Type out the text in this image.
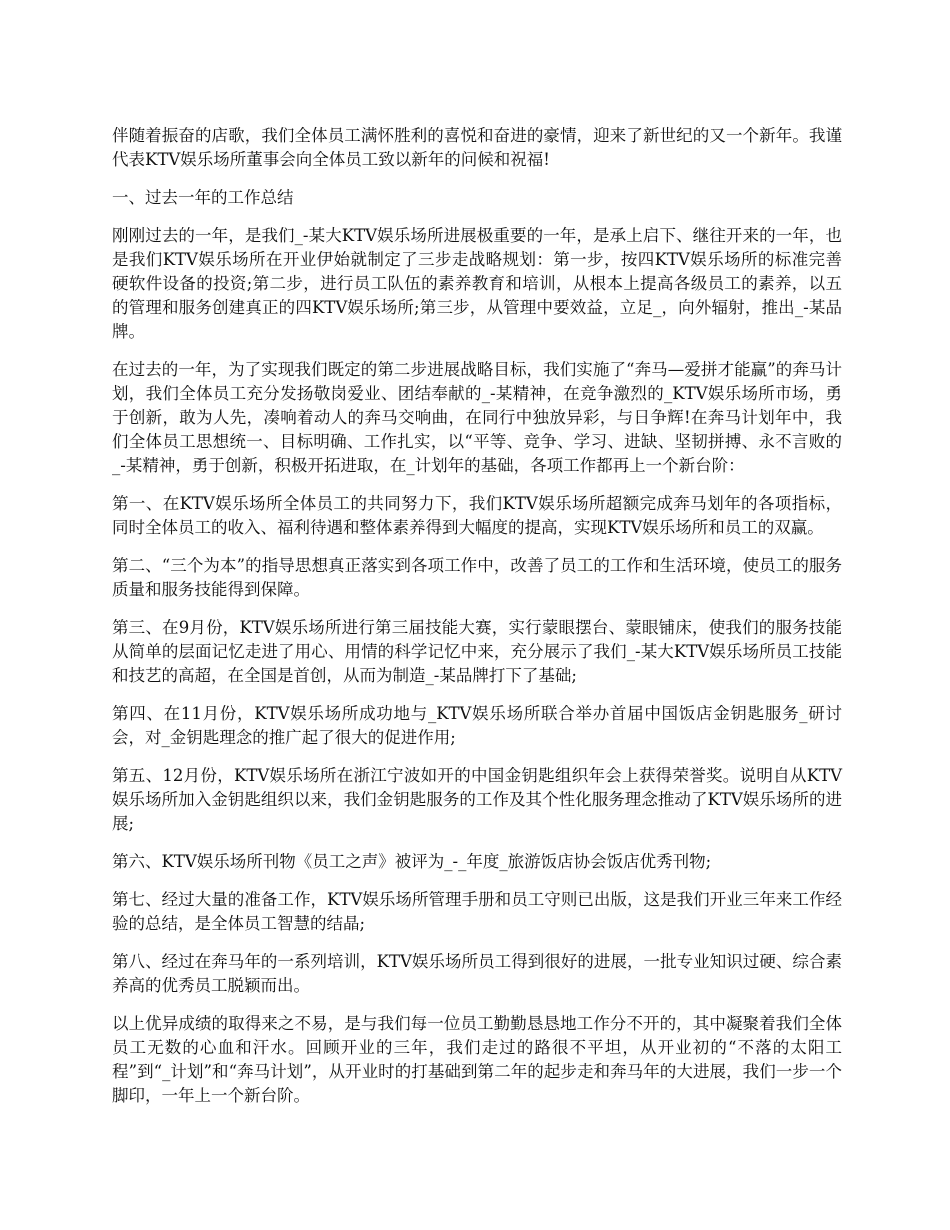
伴随着振奋的店歌，我们全体员工满怀胜利的喜悦和奋进的豪情，迎来了新世纪的又一个新年。我谨代表KTV娱乐场所董事会向全体员工致以新年的问候和祝福!

一、过去一年的工作总结

刚刚过去的一年，是我们_-某大KTV娱乐场所进展极重要的一年，是承上启下、继往开来的一年，也是我们KTV娱乐场所在开业伊始就制定了三步走战略规划：第一步，按四KTV娱乐场所的标准完善硬软件设备的投资;第二步，进行员工队伍的素养教育和培训，从根本上提高各级员工的素养，以五的管理和服务创建真正的四KTV娱乐场所;第三步，从管理中要效益，立足_，向外辐射，推出_-某品牌。

在过去的一年，为了实现我们既定的第二步进展战略目标，我们实施了“奔马—爱拼才能赢”的奔马计划，我们全体员工充分发扬敬岗爱业、团结奉献的_-某精神，在竞争激烈的_KTV娱乐场所市场，勇于创新，敢为人先，凑响着动人的奔马交响曲，在同行中独放异彩，与日争辉!在奔马计划年中，我们全体员工思想统一、目标明确、工作扎实，以“平等、竞争、学习、进缺、坚韧拼搏、永不言败的_-某精神，勇于创新，积极开拓进取，在_计划年的基础，各项工作都再上一个新台阶：

第一、在KTV娱乐场所全体员工的共同努力下，我们KTV娱乐场所超额完成奔马划年的各项指标，同时全体员工的收入、福利待遇和整体素养得到大幅度的提高，实现KTV娱乐场所和员工的双赢。

第二、“三个为本”的指导思想真正落实到各项工作中，改善了员工的工作和生活环境，使员工的服务质量和服务技能得到保障。

第三、在9月份，KTV娱乐场所进行第三届技能大赛，实行蒙眼摆台、蒙眼铺床，使我们的服务技能从简单的层面记忆走进了用心、用情的科学记忆中来，充分展示了我们_-某大KTV娱乐场所员工技能和技艺的高超，在全国是首创，从而为制造_-某品牌打下了基础;

第四、在11月份，KTV娱乐场所成功地与_KTV娱乐场所联合举办首届中国饭店金钥匙服务_研讨会，对_金钥匙理念的推广起了很大的促进作用;

第五、12月份，KTV娱乐场所在浙江宁波如开的中国金钥匙组织年会上获得荣誉奖。说明自从KTV娱乐场所加入金钥匙组织以来，我们金钥匙服务的工作及其个性化服务理念推动了KTV娱乐场所的进展;

第六、KTV娱乐场所刊物《员工之声》被评为_-_年度_旅游饭店协会饭店优秀刊物;

第七、经过大量的准备工作，KTV娱乐场所管理手册和员工守则已出版，这是我们开业三年来工作经验的总结，是全体员工智慧的结晶;

第八、经过在奔马年的一系列培训，KTV娱乐场所员工得到很好的进展，一批专业知识过硬、综合素养高的优秀员工脱颖而出。

以上优异成绩的取得来之不易，是与我们每一位员工勤勤恳恳地工作分不开的，其中凝聚着我们全体员工无数的心血和汗水。回顾开业的三年，我们走过的路很不平坦，从开业初的“不落的太阳工程”到“_计划”和“奔马计划”，从开业时的打基础到第二年的起步走和奔马年的大进展，我们一步一个脚印，一年上一个新台阶。
